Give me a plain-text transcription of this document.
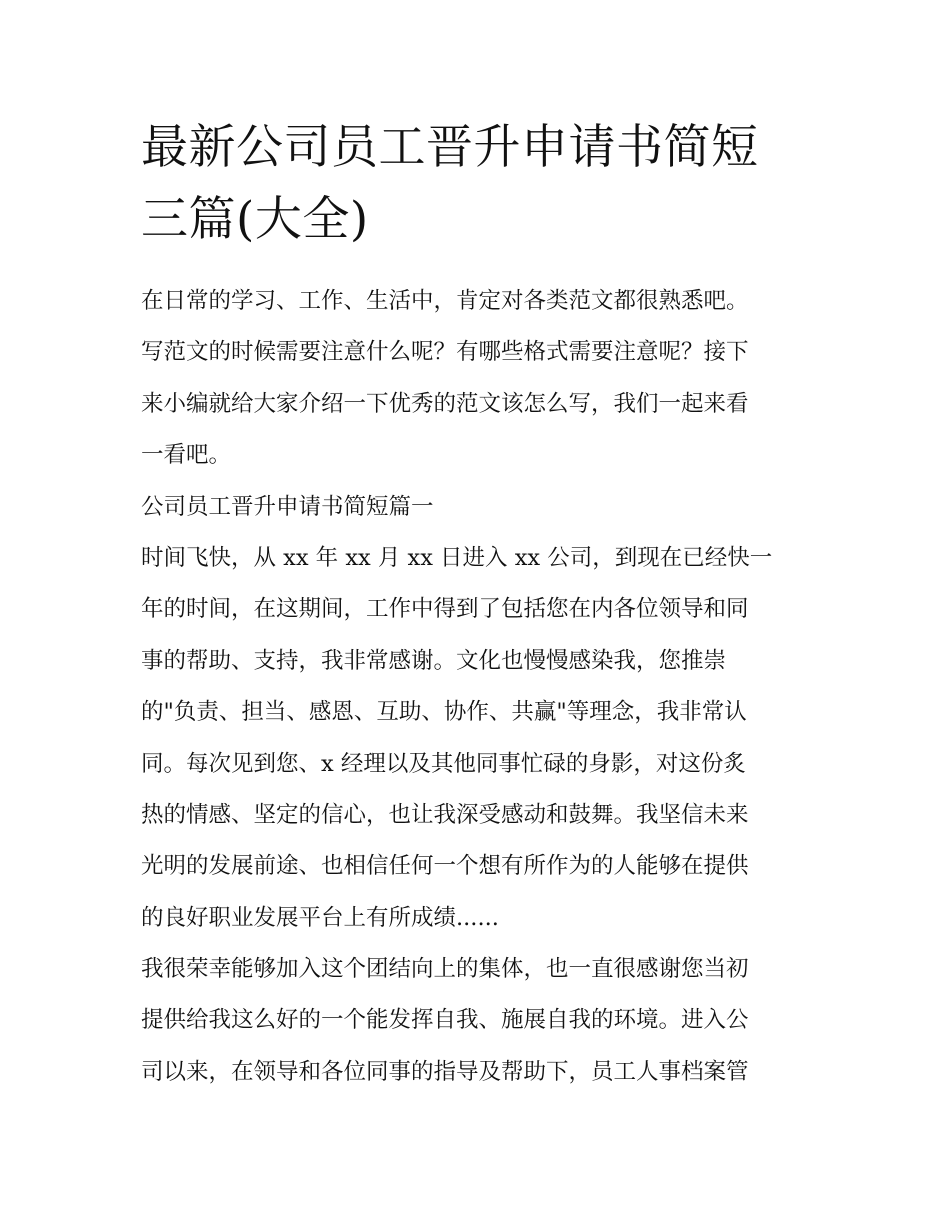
最新公司员工晋升申请书简短
三篇(大全)
在日常的学习、工作、生活中，肯定对各类范文都很熟悉吧。
写范文的时候需要注意什么呢？有哪些格式需要注意呢？接下
来小编就给大家介绍一下优秀的范文该怎么写，我们一起来看
一看吧。
公司员工晋升申请书简短篇一
时间飞快，从 xx 年 xx 月 xx 日进入 xx 公司，到现在已经快一
年的时间，在这期间，工作中得到了包括您在内各位领导和同
事的帮助、支持，我非常感谢。文化也慢慢感染我，您推崇
的"负责、担当、感恩、互助、协作、共赢"等理念，我非常认
同。每次见到您、x 经理以及其他同事忙碌的身影，对这份炙
热的情感、坚定的信心，也让我深受感动和鼓舞。我坚信未来
光明的发展前途、也相信任何一个想有所作为的人能够在提供
的良好职业发展平台上有所成绩......
我很荣幸能够加入这个团结向上的集体，也一直很感谢您当初
提供给我这么好的一个能发挥自我、施展自我的环境。进入公
司以来，在领导和各位同事的指导及帮助下，员工人事档案管
